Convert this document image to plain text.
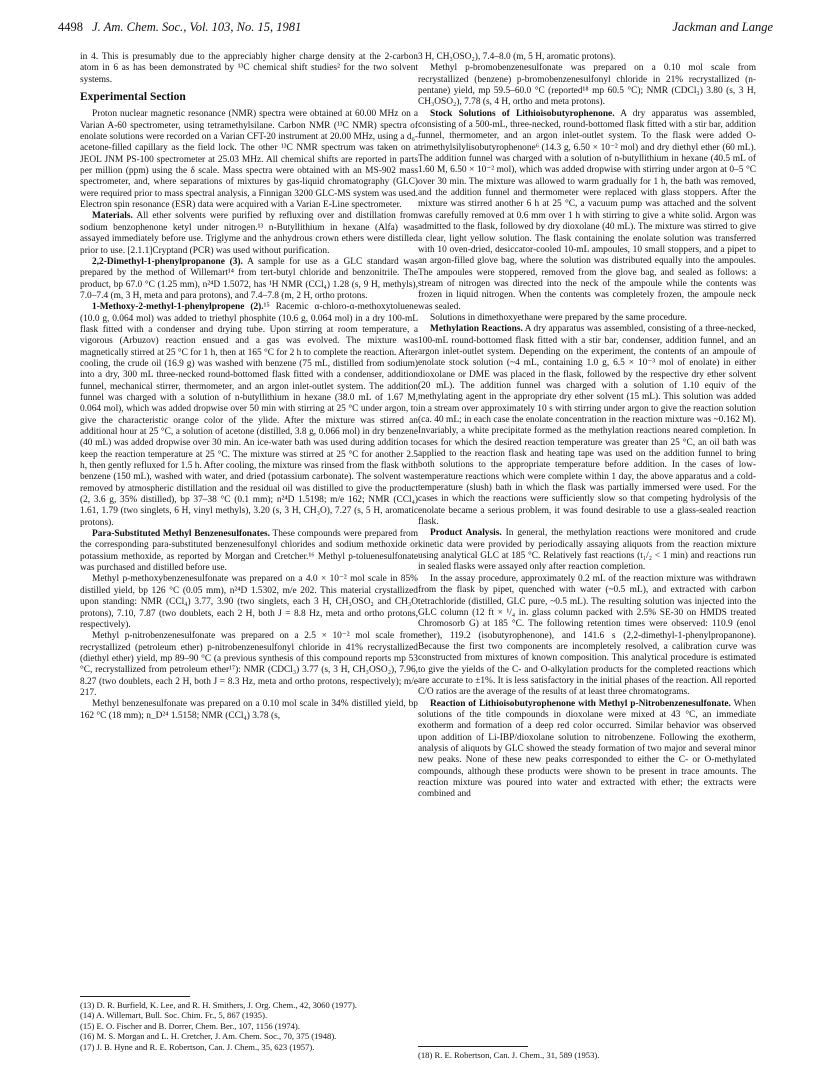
4498 J. Am. Chem. Soc., Vol. 103, No. 15, 1981	Jackman and Lange

in 4. This is presumably due to the appreciably higher charge density at the 2-carbon atom in 6 as has been demonstrated by ¹³C chemical shift studies² for the two solvent systems.

Experimental Section

Proton nuclear magnetic resonance (NMR) spectra were obtained at 60.00 MHz on a Varian A-60 spectrometer, using tetramethylsilane. Carbon NMR (¹³C NMR) spectra of enolate solutions were recorded on a Varian CFT-20 instrument at 20.00 MHz, using a d₆-acetone-filled capillary as the field lock. The other ¹³C NMR spectrum was taken on a JEOL JNM PS-100 spectrometer at 25.03 MHz. All chemical shifts are reported in parts per million (ppm) using the δ scale. Mass spectra were obtained with an MS-902 mass spectrometer, and, where separations of mixtures by gas-liquid chromatography (GLC) were required prior to mass spectral analysis, a Finnigan 3200 GLC-MS system was used. Electron spin resonance (ESR) data were acquired with a Varian E-Line spectrometer.

Materials. All ether solvents were purified by refluxing over and distillation from sodium benzophenone ketyl under nitrogen.¹³ n-Butyllithium in hexane (Alfa) was assayed immediately before use. Triglyme and the anhydrous crown ethers were distilled prior to use. [2.1.1]Cryptand (PCR) was used without purification.

2,2-Dimethyl-1-phenylpropanone (3). A sample for use as a GLC standard was prepared by the method of Willemart¹⁴ from tert-butyl chloride and benzonitrile. The product, bp 67.0 °C (1.25 mm), n²⁴D 1.5072, has ¹H NMR (CCl₄) 1.28 (s, 9 H, methyls), 7.0–7.4 (m, 3 H, meta and para protons), and 7.4–7.8 (m, 2 H, ortho protons.

1-Methoxy-2-methyl-1-phenylpropene (2).¹⁵ Racemic α-chloro-α-methoxytoluene (10.0 g, 0.064 mol) was added to triethyl phosphite (10.6 g, 0.064 mol) in a dry 100-mL flask fitted with a condenser and drying tube. Upon stirring at room temperature, a vigorous (Arbuzov) reaction ensued and a gas was evolved. The mixture was magnetically stirred at 25 °C for 1 h, then at 165 °C for 2 h to complete the reaction. After cooling, the crude oil (16.9 g) was washed with benzene (75 mL, distilled from sodium) into a dry, 300 mL three-necked round-bottomed flask fitted with a condenser, addition funnel, mechanical stirrer, thermometer, and an argon inlet-outlet system. The addition funnel was charged with a solution of n-butyllithium in hexane (38.0 mL of 1.67 M, 0.064 mol), which was added dropwise over 50 min with stirring at 25 °C under argon, to give the characteristic orange color of the ylide. After the mixture was stirred an additional hour at 25 °C, a solution of acetone (distilled, 3.8 g, 0.066 mol) in dry benzene (40 mL) was added dropwise over 30 min. An ice-water bath was used during addition to keep the reaction temperature at 25 °C. The mixture was stirred at 25 °C for another 2.5 h, then gently refluxed for 1.5 h. After cooling, the mixture was rinsed from the flask with benzene (150 mL), washed with water, and dried (potassium carbonate). The solvent was removed by atmospheric distillation and the residual oil was distilled to give the product (2, 3.6 g, 35% distilled), bp 37–38 °C (0.1 mm); n²⁴D 1.5198; m/e 162; NMR (CCl₄) 1.61, 1.79 (two singlets, 6 H, vinyl methyls), 3.20 (s, 3 H, CH₃O), 7.27 (s, 5 H, aromatic protons).

Para-Substituted Methyl Benzenesulfonates. These compounds were prepared from the corresponding para-substituted benzenesulfonyl chlorides and sodium methoxide or potassium methoxide, as reported by Morgan and Cretcher.¹⁶ Methyl p-toluenesulfonate was purchased and distilled before use.

Methyl p-methoxybenzenesulfonate was prepared on a 4.0 × 10⁻² mol scale in 85% distilled yield, bp 126 °C (0.05 mm), n²⁴D 1.5302, m/e 202. This material crystallized upon standing: NMR (CCl₄) 3.77, 3.90 (two singlets, each 3 H, CH₃OSO₂ and CH₃O protons), 7.10, 7.87 (two doublets, each 2 H, both J = 8.8 Hz, meta and ortho protons, respectively).

Methyl p-nitrobenzenesulfonate was prepared on a 2.5 × 10⁻² mol scale from recrystallized (petroleum ether) p-nitrobenzenesulfonyl chloride in 41% recrystallized (diethyl ether) yield, mp 89–90 °C (a previous synthesis of this compound reports mp 53 °C, recrystallized from petroleum ether¹⁷): NMR (CDCl₃) 3.77 (s, 3 H, CH₃OSO₂), 7.96, 8.27 (two doublets, each 2 H, both J = 8.3 Hz, meta and ortho protons, respectively); m/e 217.

Methyl benzenesulfonate was prepared on a 0.10 mol scale in 34% distilled yield, bp 162 °C (18 mm); n_D²⁴ 1.5158; NMR (CCl₄) 3.78 (s,

3 H, CH₃OSO₂), 7.4–8.0 (m, 5 H, aromatic protons).

Methyl p-bromobenzenesulfonate was prepared on a 0.10 mol scale from recrystallized (benzene) p-bromobenzenesulfonyl chloride in 21% recrystallized (n-pentane) yield, mp 59.5–60.0 °C (reported¹⁸ mp 60.5 °C); NMR (CDCl₃) 3.80 (s, 3 H, CH₃OSO₂), 7.78 (s, 4 H, ortho and meta protons).

Stock Solutions of Lithioisobutyrophenone. A dry apparatus was assembled, consisting of a 500-mL, three-necked, round-bottomed flask fitted with a stir bar, addition funnel, thermometer, and an argon inlet-outlet system. To the flask were added O-trimethylsilylisobutyrophenone⁶ (14.3 g, 6.50 × 10⁻² mol) and dry diethyl ether (60 mL). The addition funnel was charged with a solution of n-butyllithium in hexane (40.5 mL of 1.60 M, 6.50 × 10⁻² mol), which was added dropwise with stirring under argon at 0–5 °C over 30 min. The mixture was allowed to warm gradually for 1 h, the bath was removed, and the addition funnel and thermometer were replaced with glass stoppers. After the mixture was stirred another 6 h at 25 °C, a vacuum pump was attached and the solvent was carefully removed at 0.6 mm over 1 h with stirring to give a white solid. Argon was admitted to the flask, followed by dry dioxolane (40 mL). The mixture was stirred to give a clear, light yellow solution. The flask containing the enolate solution was transferred with 10 oven-dried, desiccator-cooled 10-mL ampoules, 10 small stoppers, and a pipet to an argon-filled glove bag, where the solution was distributed equally into the ampoules. The ampoules were stoppered, removed from the glove bag, and sealed as follows: a stream of nitrogen was directed into the neck of the ampoule while the contents was frozen in liquid nitrogen. When the contents was completely frozen, the ampoule neck was sealed.

Solutions in dimethoxyethane were prepared by the same procedure.

Methylation Reactions. A dry apparatus was assembled, consisting of a three-necked, 100-mL round-bottomed flask fitted with a stir bar, condenser, addition funnel, and an argon inlet-outlet system. Depending on the experiment, the contents of an ampoule of enolate stock solution (~4 mL, containing 1.0 g, 6.5 × 10⁻³ mol of enolate) in either dioxolane or DME was placed in the flask, followed by the respective dry ether solvent (20 mL). The addition funnel was charged with a solution of 1.10 equiv of the methylating agent in the appropriate dry ether solvent (15 mL). This solution was added in a stream over approximately 10 s with stirring under argon to give the reaction solution (ca. 40 mL; in each case the enolate concentration in the reaction mixture was ~0.162 M). Invariably, a white precipitate formed as the methylation reactions neared completion. In cases for which the desired reaction temperature was greater than 25 °C, an oil bath was applied to the reaction flask and heating tape was used on the addition funnel to bring both solutions to the appropriate temperature before addition. In the cases of low-temperature reactions which were complete within 1 day, the above apparatus and a cold-temperature (slush) bath in which the flask was partially immersed were used. For the cases in which the reactions were sufficiently slow so that competing hydrolysis of the enolate became a serious problem, it was found desirable to use a glass-sealed reaction flask.

Product Analysis. In general, the methylation reactions were monitored and crude kinetic data were provided by periodically assaying aliquots from the reaction mixture using analytical GLC at 185 °C. Relatively fast reactions (t₁/₂ < 1 min) and reactions run in sealed flasks were assayed only after reaction completion.

In the assay procedure, approximately 0.2 mL of the reaction mixture was withdrawn from the flask by pipet, quenched with water (~0.5 mL), and extracted with carbon tetrachloride (distilled, GLC pure, ~0.5 mL). The resulting solution was injected into the GLC column (12 ft × ¹/₄ in. glass column packed with 2.5% SE-30 on HMDS treated Chromosorb G) at 185 °C. The following retention times were observed: 110.9 (enol ether), 119.2 (isobutyrophenone), and 141.6 s (2,2-dimethyl-1-phenylpropanone). Because the first two components are incompletely resolved, a calibration curve was constructed from mixtures of known composition. This analytical procedure is estimated to give the yields of the C- and O-alkylation products for the completed reactions which are accurate to ±1%. It is less satisfactory in the initial phases of the reaction. All reported C/O ratios are the average of the results of at least three chromatograms.

Reaction of Lithioisobutyrophenone with Methyl p-Nitrobenzenesulfonate. When solutions of the title compounds in dioxolane were mixed at 43 °C, an immediate exotherm and formation of a deep red color occurred. Similar behavior was observed upon addition of Li-IBP/dioxolane solution to nitrobenzene. Following the exotherm, analysis of aliquots by GLC showed the steady formation of two major and several minor new peaks. None of these new peaks corresponded to either the C- or O-methylated compounds, although these products were shown to be present in trace amounts. The reaction mixture was poured into water and extracted with ether; the extracts were combined and

(13) D. R. Burfield, K. Lee, and R. H. Smithers, J. Org. Chem., 42, 3060 (1977).
(14) A. Willemart, Bull. Soc. Chim. Fr., 5, 867 (1935).
(15) E. O. Fischer and B. Dorrer, Chem. Ber., 107, 1156 (1974).
(16) M. S. Morgan and L. H. Cretcher, J. Am. Chem. Soc., 70, 375 (1948).
(17) J. B. Hyne and R. E. Robertson, Can. J. Chem., 35, 623 (1957).
(18) R. E. Robertson, Can. J. Chem., 31, 589 (1953).
